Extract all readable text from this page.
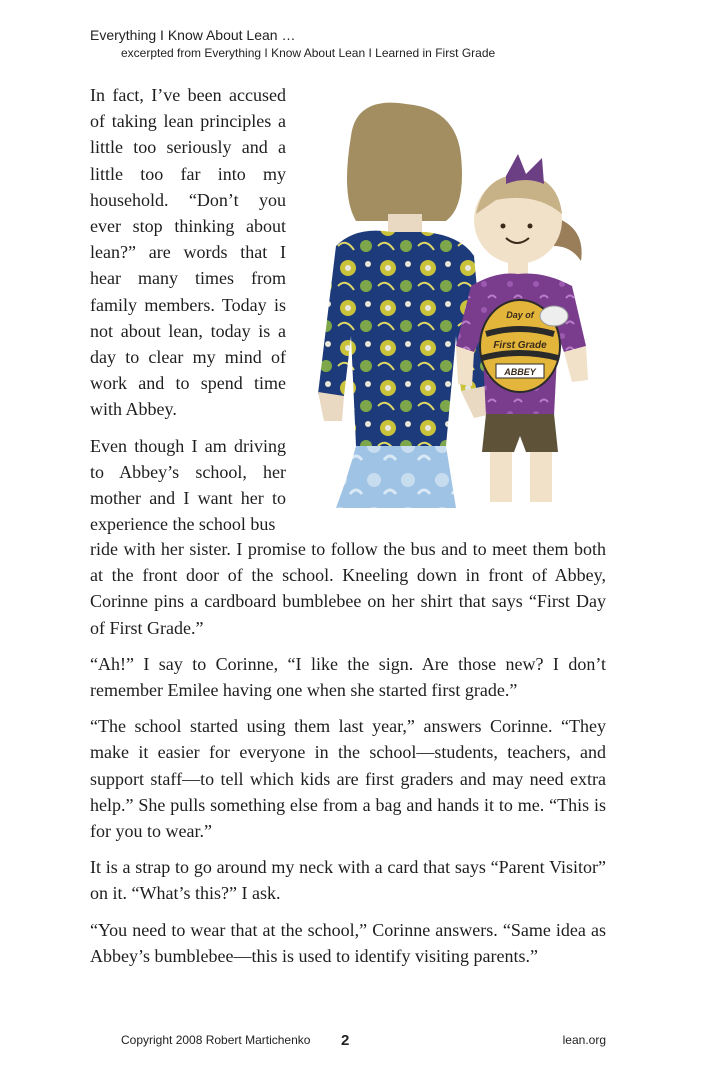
Everything I Know About Lean …
excerpted from Everything I Know About Lean I Learned in First Grade

In fact, I’ve been accused of taking lean principles a little too seriously and a little too far into my household. “Don’t you ever stop thinking about lean?” are words that I hear many times from family members. Today is not about lean, today is a day to clear my mind of work and to spend time with Abbey.

Even though I am driving to Abbey’s school, her mother and I want her to experience the school bus

ride with her sister. I promise to follow the bus and to meet them both at the front door of the school. Kneeling down in front of Abbey, Corinne pins a cardboard bumblebee on her shirt that says “First Day of First Grade.”

“Ah!” I say to Corinne, “I like the sign. Are those new? I don’t remember Emilee having one when she started first grade.”

“The school started using them last year,” answers Corinne. “They make it easier for everyone in the school—students, teachers, and support staff—to tell which kids are first graders and may need extra help.” She pulls something else from a bag and hands it to me. “This is for you to wear.”

It is a strap to go around my neck with a card that says “Parent Visitor” on it. “What’s this?” I ask.

“You need to wear that at the school,” Corinne answers. “Same idea as Abbey’s bumblebee—this is used to identify visiting parents.”

Day of
First Grade
ABBEY
Copyright 2008 Robert Martichenko 2	lean.org
